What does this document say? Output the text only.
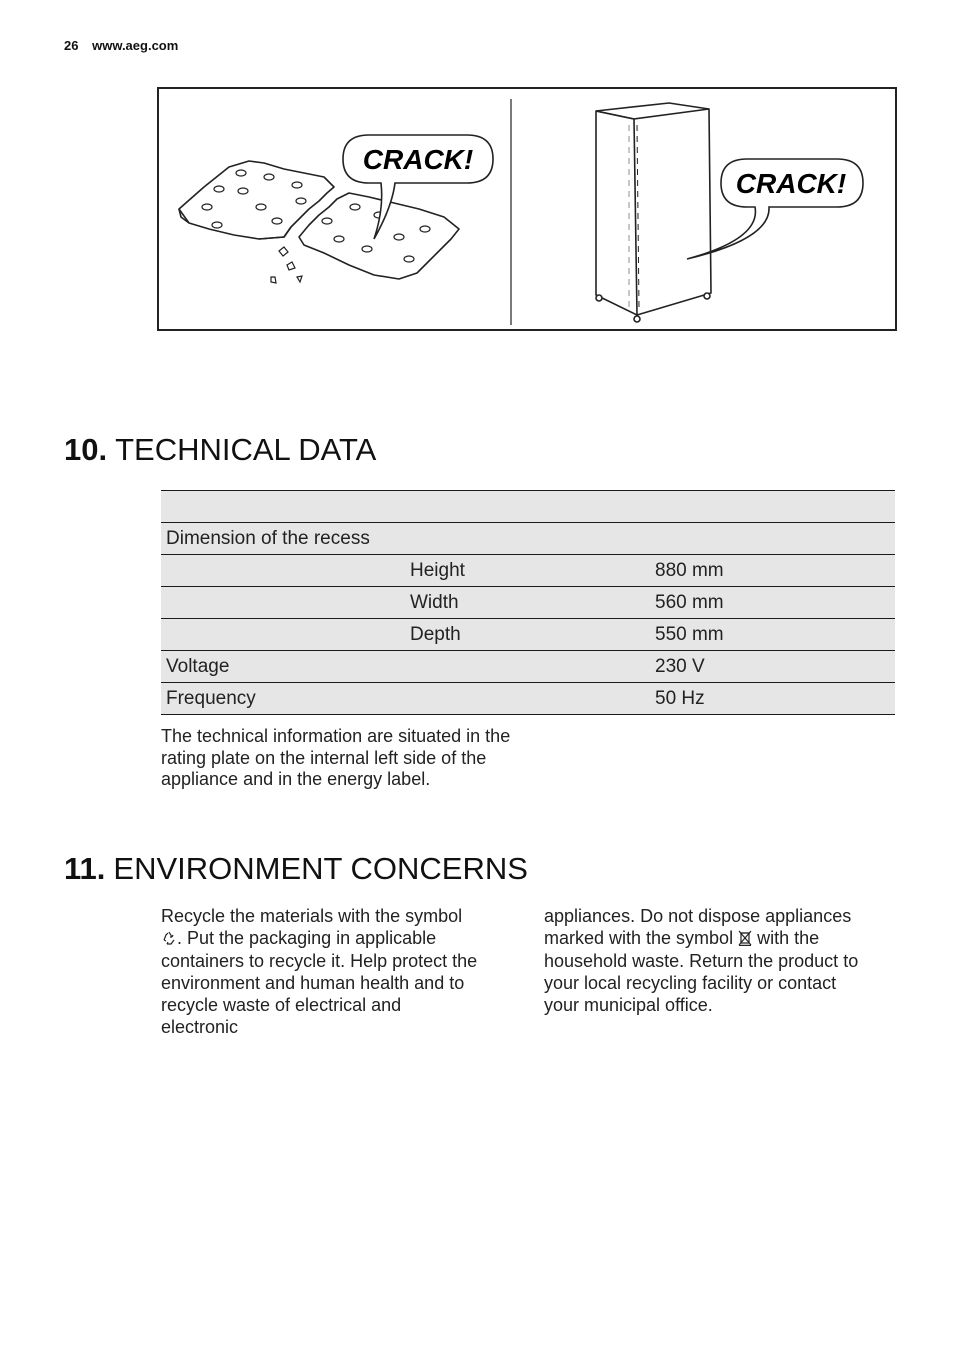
26 www.aeg.com
CRACK!
CRACK!
10. TECHNICAL DATA

Dimension of the recess		
	Height	880 mm
	Width	560 mm
	Depth	550 mm
Voltage		230 V
Frequency		50 Hz

The technical information are situated in the rating plate on the internal left side of the appliance and in the energy label.

11. ENVIRONMENT CONCERNS

Recycle the materials with the symbol . Put the packaging in applicable containers to recycle it. Help protect the environment and human health and to recycle waste of electrical and electronic

appliances. Do not dispose appliances marked with the symbol with the household waste. Return the product to your local recycling facility or contact your municipal office.
